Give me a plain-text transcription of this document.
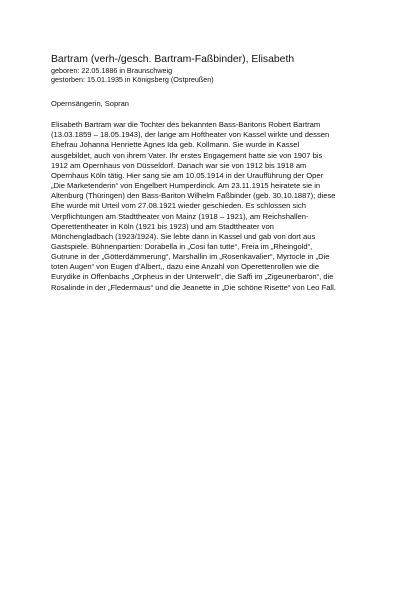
Bartram (verh-/gesch. Bartram-Faßbinder), Elisabeth

geboren: 22.05.1886 in Braunschweig

gestorben: 15.01.1935 in Königsberg (Ostpreußen)

Opernsängerin, Sopran

Elisabeth Bartram war die Tochter des bekannten Bass-Baritons Robert Bartram
(13.03.1859 – 18.05.1943), der lange am Hoftheater von Kassel wirkte und dessen
Ehefrau Johanna Henriette Agnes Ida geb. Kollmann. Sie wurde in Kassel
ausgebildet, auch von ihrem Vater. Ihr erstes Engagement hatte sie von 1907 bis
1912 am Opernhaus von Düsseldorf. Danach war sie von 1912 bis 1918 am
Opernhaus Köln tätig. Hier sang sie am 10.05.1914 in der Uraufführung der Oper
„Die Marketenderin“ von Engelbert Humperdinck. Am 23.11.1915 heiratete sie in
Altenburg (Thüringen) den Bass-Bariton Wilhelm Faßbinder (geb. 30.10.1887); diese
Ehe wurde mit Urteil vom 27.08.1921 wieder geschieden. Es schlossen sich
Verpflichtungen am Stadttheater von Mainz (1918 – 1921), am Reichshallen-
Operettentheater in Köln (1921 bis 1923) und am Stadttheater von
Mönchengladbach (1923/1924). Sie lebte dann in Kassel und gab von dort aus
Gastspiele. Bühnenpartien: Dorabella in „Cosi fan tutte“, Freia im „Rheingold“,
Gutrune in der „Götterdämmerung“, Marshallin im „Rosenkavalier“, Myrtocle in „Die
toten Augen“ von Eugen d’Albert,, dazu eine Anzahl von Operettenrollen wie die
Eurydike in Offenbachs „Orpheus in der Unterwelt“, die Saffi im „Zigeunerbaron“, die
Rosalinde in der „Fledermaus“ und die Jeanette in „Die schöne Risette“ von Leo Fall.
